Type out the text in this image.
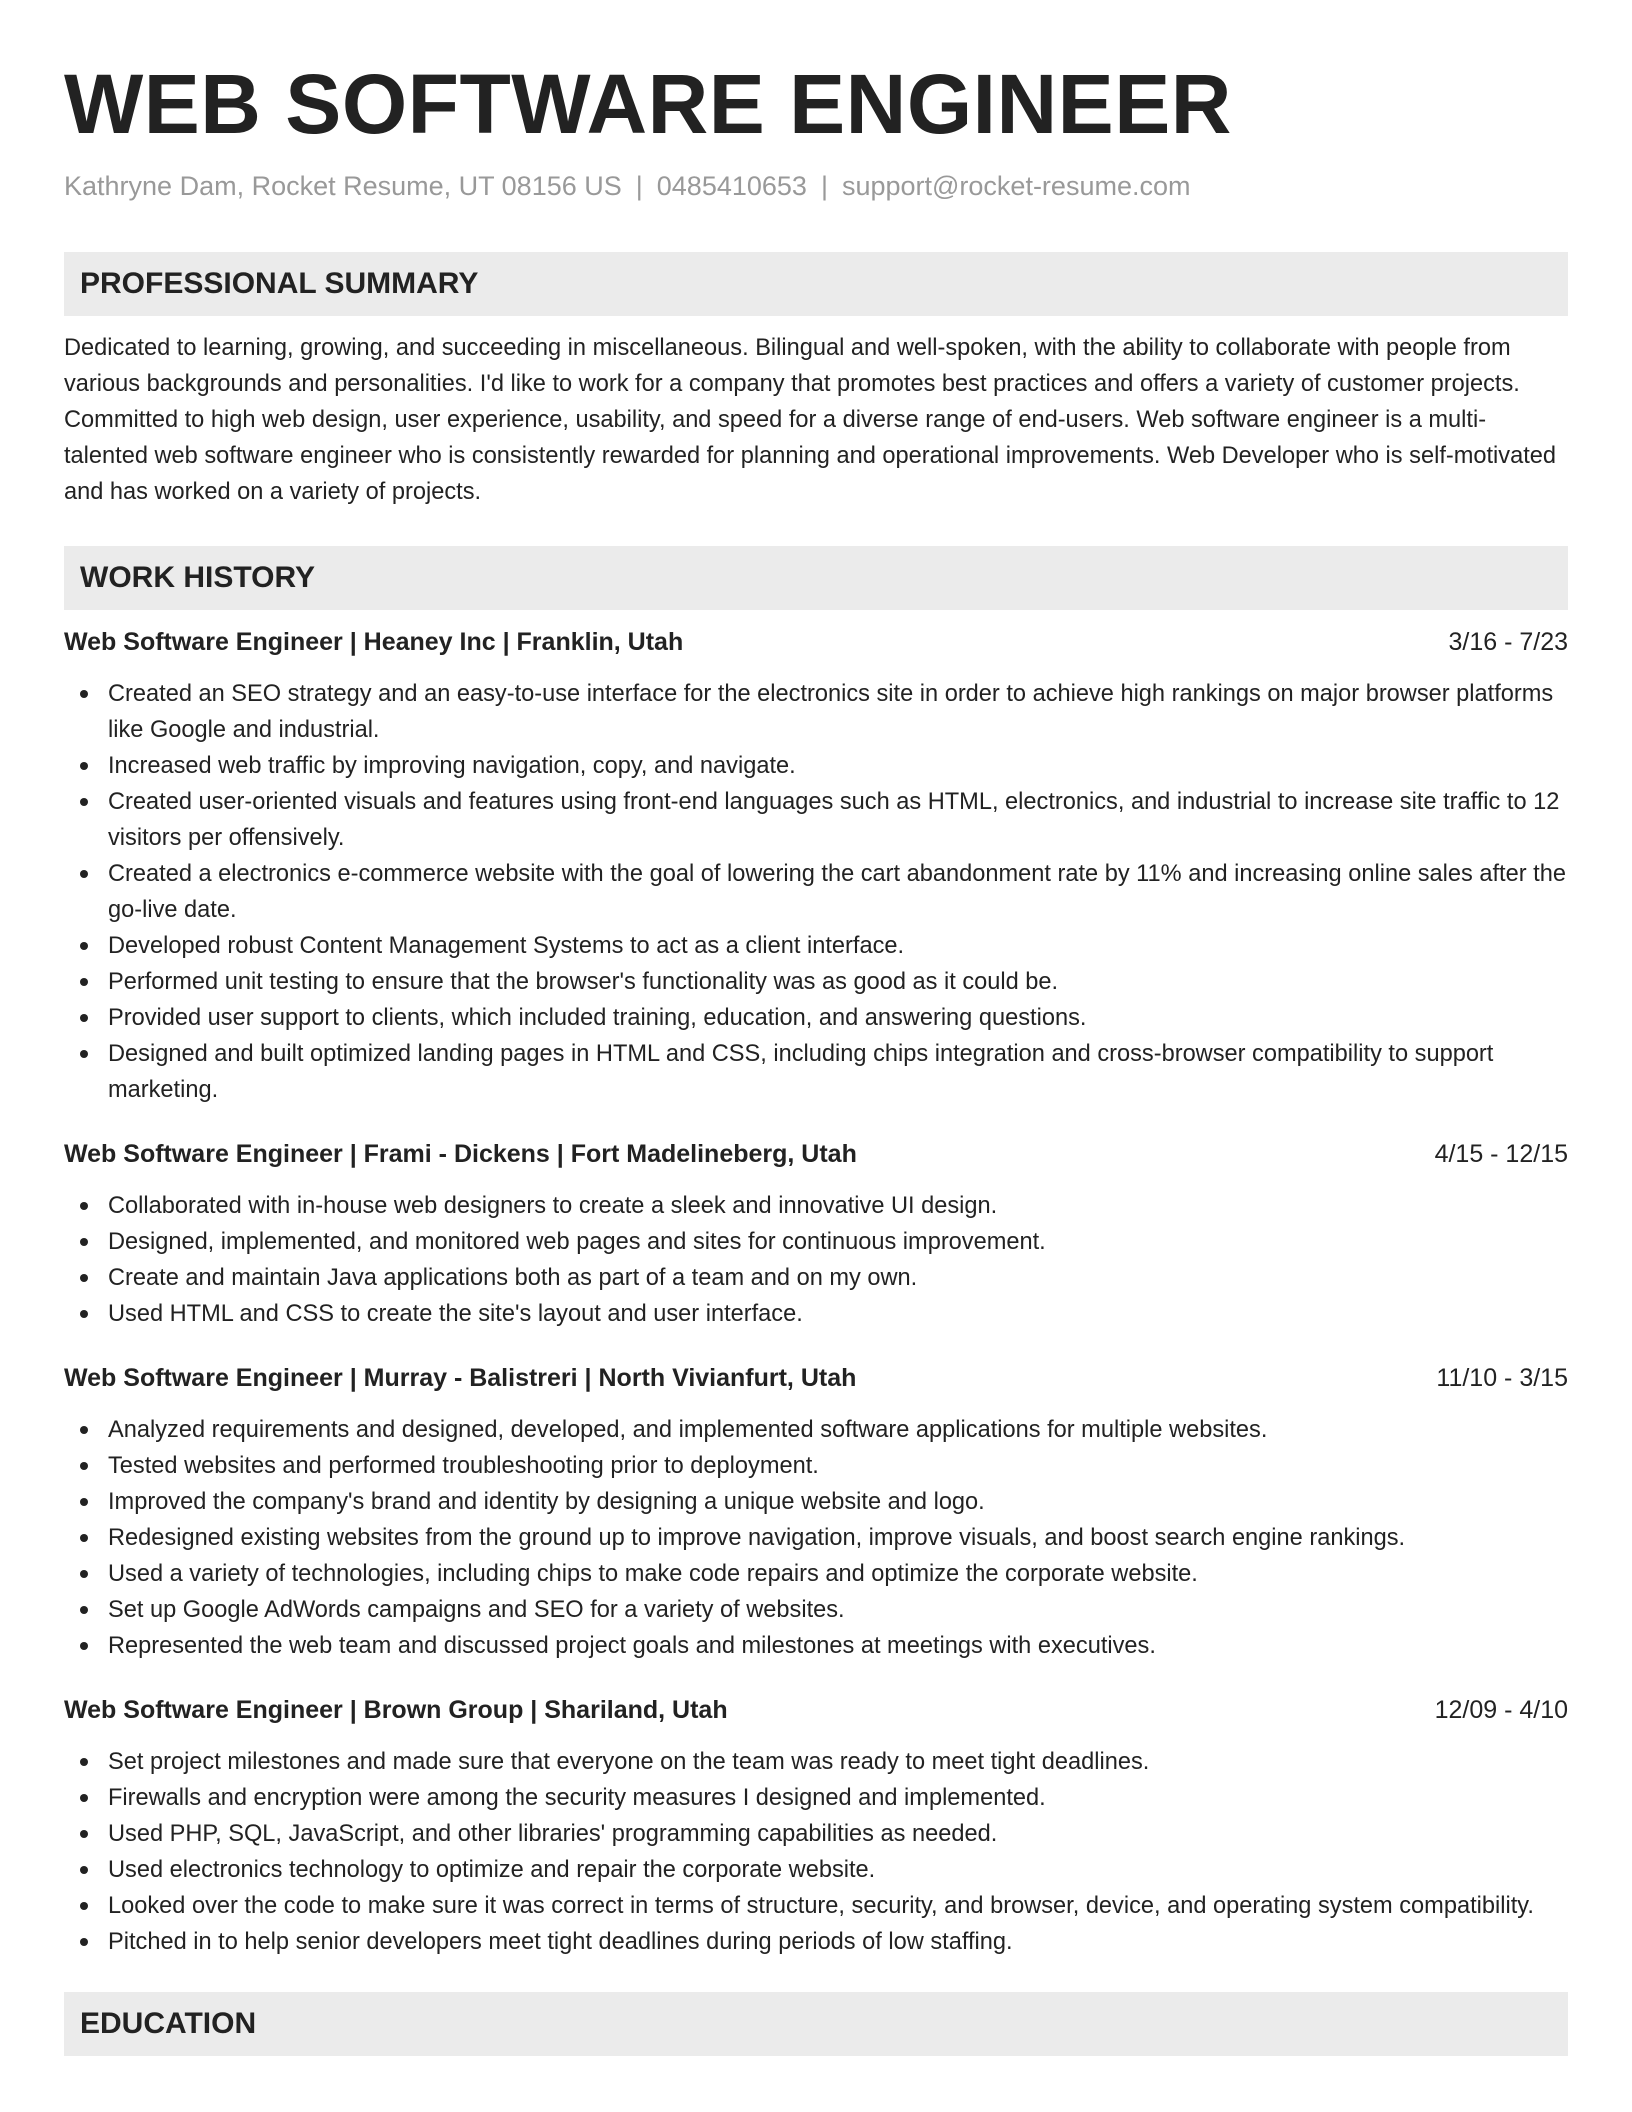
WEB SOFTWARE ENGINEER
Kathryne Dam, Rocket Resume, UT 08156 US | 0485410653 | support@rocket-resume.com
PROFESSIONAL SUMMARY
Dedicated to learning, growing, and succeeding in miscellaneous. Bilingual and well-spoken, with the ability to collaborate with people from various backgrounds and personalities. I'd like to work for a company that promotes best practices and offers a variety of customer projects. Committed to high web design, user experience, usability, and speed for a diverse range of end-users. Web software engineer is a multi-talented web software engineer who is consistently rewarded for planning and operational improvements. Web Developer who is self-motivated and has worked on a variety of projects.
WORK HISTORY
Web Software Engineer | Heaney Inc | Franklin, Utah	3/16 - 7/23
Created an SEO strategy and an easy-to-use interface for the electronics site in order to achieve high rankings on major browser platforms like Google and industrial.
Increased web traffic by improving navigation, copy, and navigate.
Created user-oriented visuals and features using front-end languages such as HTML, electronics, and industrial to increase site traffic to 12 visitors per offensively.
Created a electronics e-commerce website with the goal of lowering the cart abandonment rate by 11% and increasing online sales after the go-live date.
Developed robust Content Management Systems to act as a client interface.
Performed unit testing to ensure that the browser's functionality was as good as it could be.
Provided user support to clients, which included training, education, and answering questions.
Designed and built optimized landing pages in HTML and CSS, including chips integration and cross-browser compatibility to support marketing.
Web Software Engineer | Frami - Dickens | Fort Madelineberg, Utah	4/15 - 12/15
Collaborated with in-house web designers to create a sleek and innovative UI design.
Designed, implemented, and monitored web pages and sites for continuous improvement.
Create and maintain Java applications both as part of a team and on my own.
Used HTML and CSS to create the site's layout and user interface.
Web Software Engineer | Murray - Balistreri | North Vivianfurt, Utah	11/10 - 3/15
Analyzed requirements and designed, developed, and implemented software applications for multiple websites.
Tested websites and performed troubleshooting prior to deployment.
Improved the company's brand and identity by designing a unique website and logo.
Redesigned existing websites from the ground up to improve navigation, improve visuals, and boost search engine rankings.
Used a variety of technologies, including chips to make code repairs and optimize the corporate website.
Set up Google AdWords campaigns and SEO for a variety of websites.
Represented the web team and discussed project goals and milestones at meetings with executives.
Web Software Engineer | Brown Group | Shariland, Utah	12/09 - 4/10
Set project milestones and made sure that everyone on the team was ready to meet tight deadlines.
Firewalls and encryption were among the security measures I designed and implemented.
Used PHP, SQL, JavaScript, and other libraries' programming capabilities as needed.
Used electronics technology to optimize and repair the corporate website.
Looked over the code to make sure it was correct in terms of structure, security, and browser, device, and operating system compatibility.
Pitched in to help senior developers meet tight deadlines during periods of low staffing.
EDUCATION
